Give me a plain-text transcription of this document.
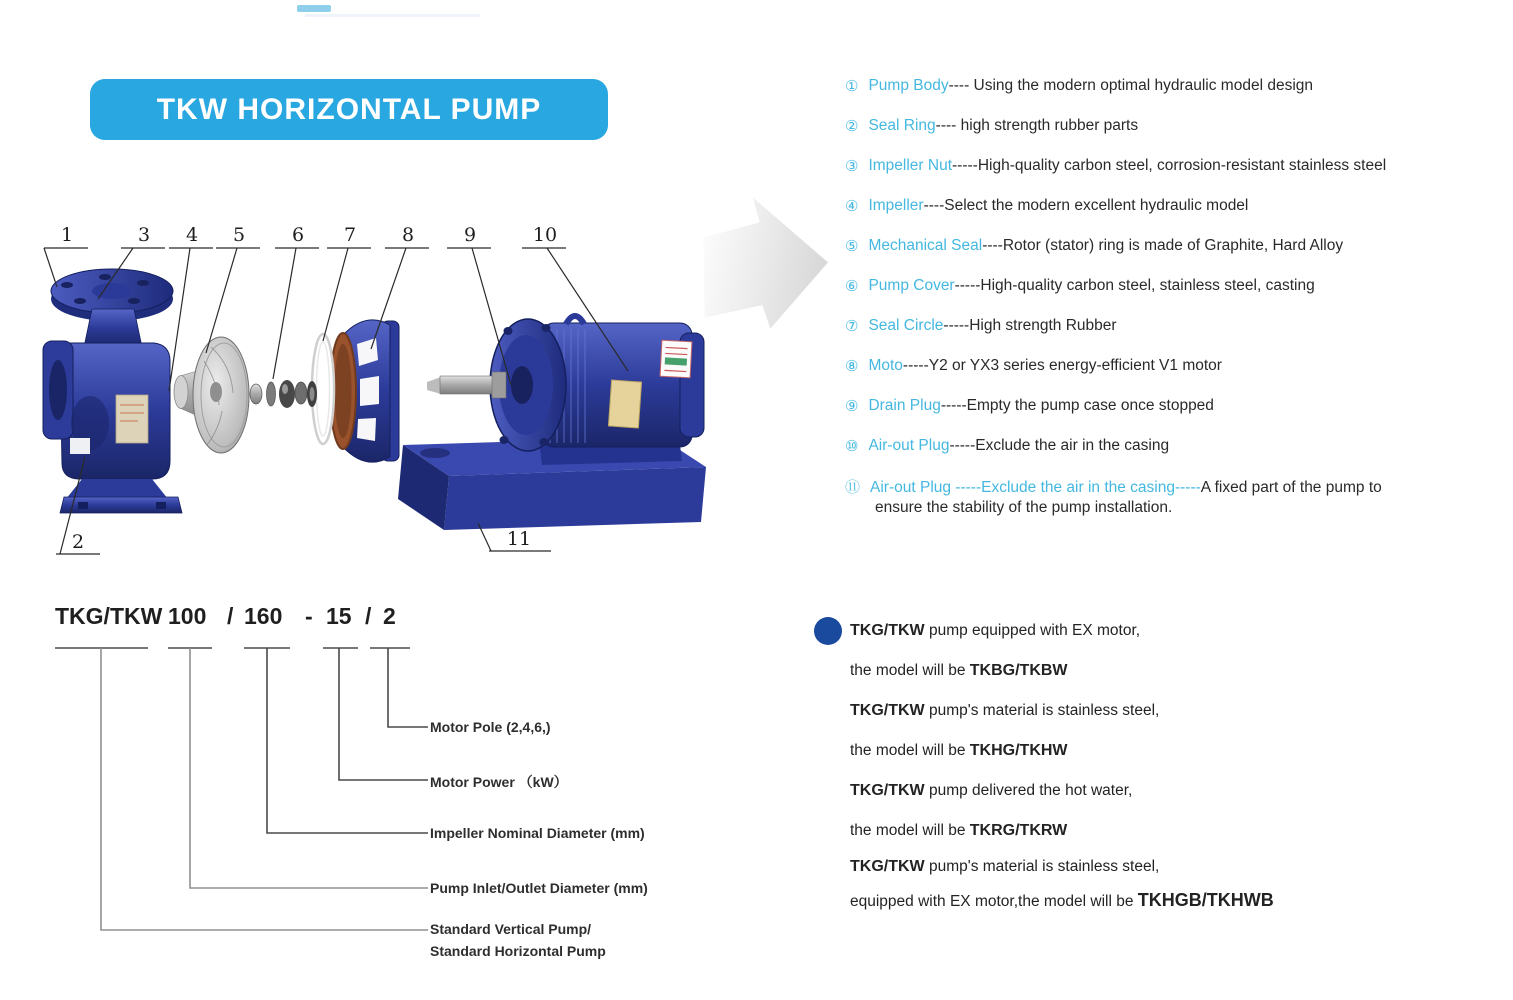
TKW HORIZONTAL PUMP
① Pump Body ---- Using the modern optimal hydraulic model design
② Seal Ring ---- high strength rubber parts
③ Impeller Nut -----High-quality carbon steel, corrosion-resistant stainless steel
④ Impeller ----Select the modern excellent hydraulic model
⑤ Mechanical Seal ----Rotor (stator) ring is made of Graphite, Hard Alloy
⑥ Pump Cover -----High-quality carbon steel, stainless steel, casting
⑦ Seal Circle -----High strength Rubber
⑧ Moto -----Y2 or YX3 series energy-efficient V1 motor
⑨ Drain Plug -----Empty the pump case once stopped
⑩ Air-out Plug -----Exclude the air in the casing
⑪ Air-out Plug -----Exclude the air in the casing-----A fixed part of the pump to
ensure the stability of the pump installation.
1	3 4 5 6 7 8	9	10
2	11
TKG/TKW 100 / 160 - 15 / 2
Motor Pole (2,4,6,)
Motor Power （kW）
Impeller Nominal Diameter (mm)
Pump Inlet/Outlet Diameter (mm)
Standard Vertical Pump/
Standard Horizontal Pump
TKG/TKW pump equipped with EX motor,
the model will be TKBG/TKBW
TKG/TKW pump's material is stainless steel,
the model will be TKHG/TKHW
TKG/TKW pump delivered the hot water,
the model will be TKRG/TKRW
TKG/TKW pump's material is stainless steel,
equipped with EX motor,the model will be TKHGB/TKHWB
